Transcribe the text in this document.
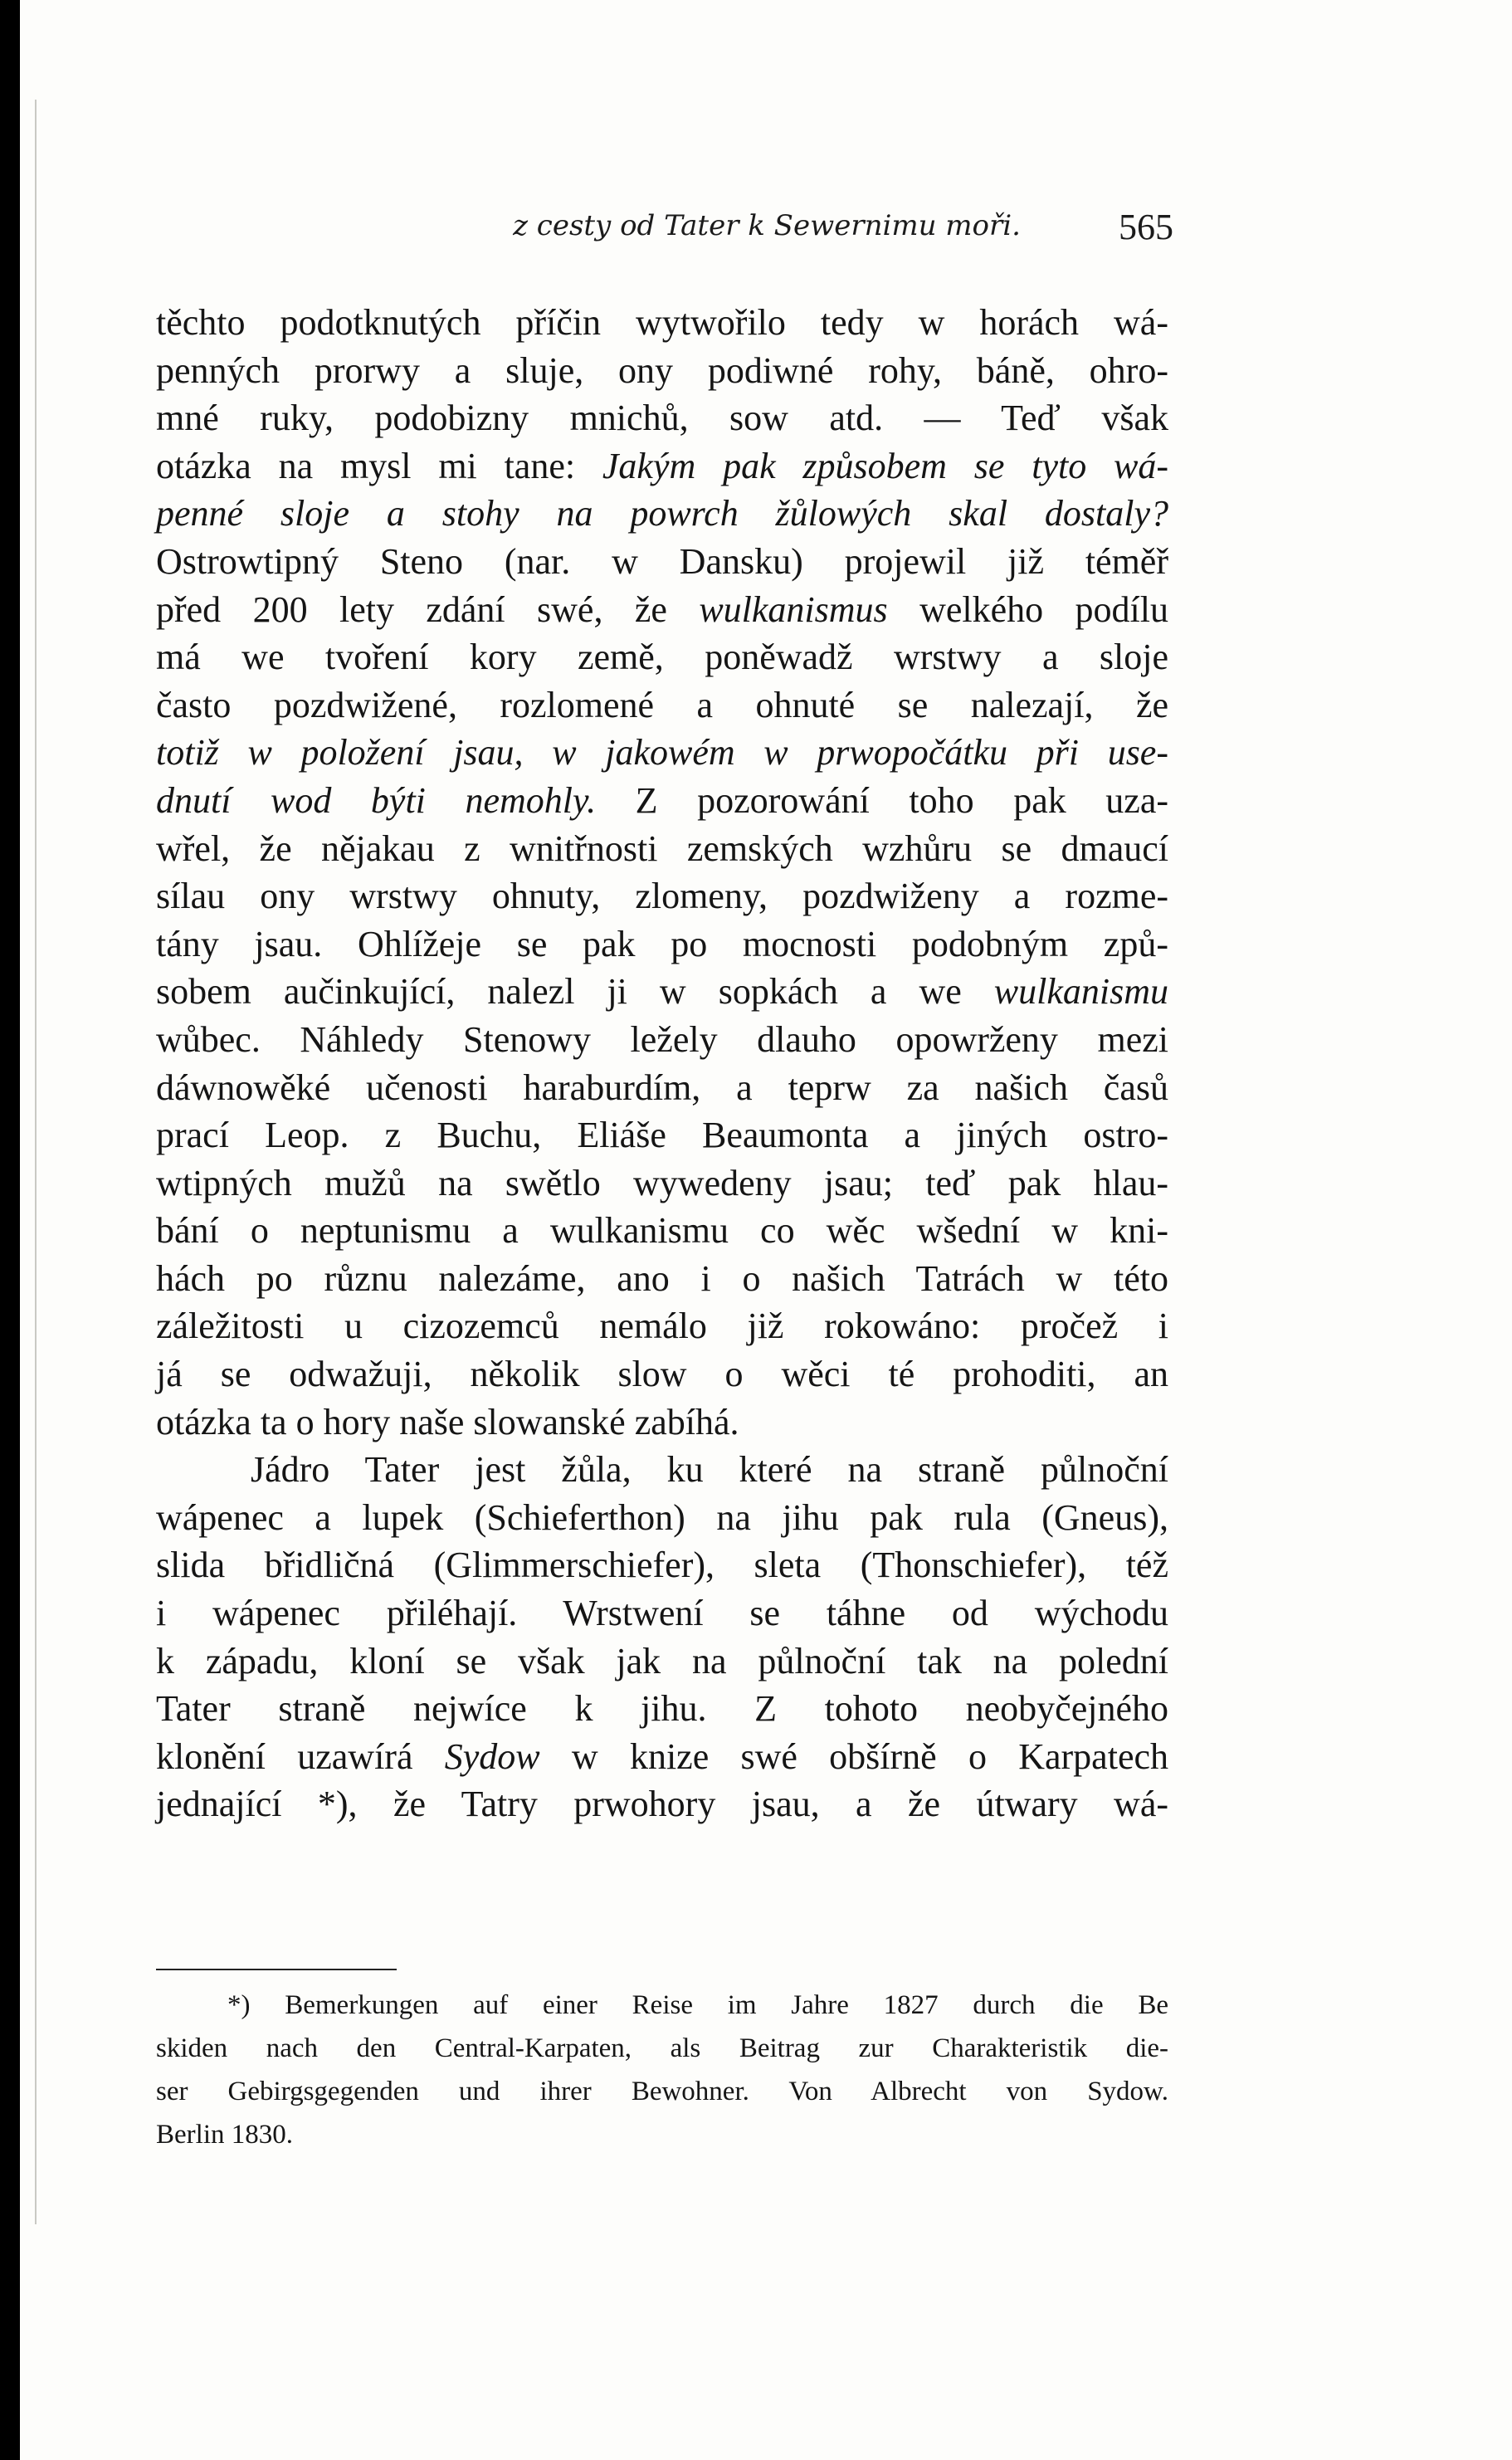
z cesty od Tater k Sewernimu moři.	565
těchto podotknutých příčin wytwořilo tedy w horách wá-
penných prorwy a sluje, ony podiwné rohy, báně, ohro-
mné ruky, podobizny mnichů, sow atd. — Teď však
otázka na mysl mi tane: Jakým pak způsobem se tyto wá-
penné sloje a stohy na powrch žůlowých skal dostaly?
Ostrowtipný Steno (nar. w Dansku) projewil již téměř
před 200 lety zdání swé, že wulkanismus welkého podílu
má we tvoření kory země, poněwadž wrstwy a sloje
často pozdwižené, rozlomené a ohnuté se nalezají, že
totiž w položení jsau, w jakowém w prwopočátku při use-
dnutí wod býti nemohly. Z pozorowání toho pak uza-
wřel, že nějakau z wnitřnosti zemských wzhůru se dmaucí
sílau ony wrstwy ohnuty, zlomeny, pozdwiženy a rozme-
tány jsau. Ohlížeje se pak po mocnosti podobným způ-
sobem aučinkující, nalezl ji w sopkách a we wulkanismu
wůbec. Náhledy Stenowy ležely dlauho opowrženy mezi
dáwnowěké učenosti haraburdím, a teprw za našich časů
prací Leop. z Buchu, Eliáše Beaumonta a jiných ostro-
wtipných mužů na swětlo wywedeny jsau; teď pak hlau-
bání o neptunismu a wulkanismu co wěc wšední w kni-
hách po různu nalezáme, ano i o našich Tatrách w této
záležitosti u cizozemců nemálo již rokowáno: pročež i
já se odwažuji, několik slow o wěci té prohoditi, an
otázka ta o hory naše slowanské zabíhá.
Jádro Tater jest žůla, ku které na straně půlnoční
wápenec a lupek (Schieferthon) na jihu pak rula (Gneus),
slida břidličná (Glimmerschiefer), sleta (Thonschiefer), též
i wápenec přiléhají. Wrstwení se táhne od wýchodu
k západu, kloní se však jak na půlnoční tak na polední
Tater straně nejwíce k jihu. Z tohoto neobyčejného
klonění uzawírá Sydow w knize swé obšírně o Karpatech
jednající *), že Tatry prwohory jsau, a že útwary wá-
*) Bemerkungen auf einer Reise im Jahre 1827 durch die Be
skiden nach den Central-Karpaten, als Beitrag zur Charakteristik die-
ser Gebirgsgegenden und ihrer Bewohner. Von Albrecht von Sydow.
Berlin 1830.
